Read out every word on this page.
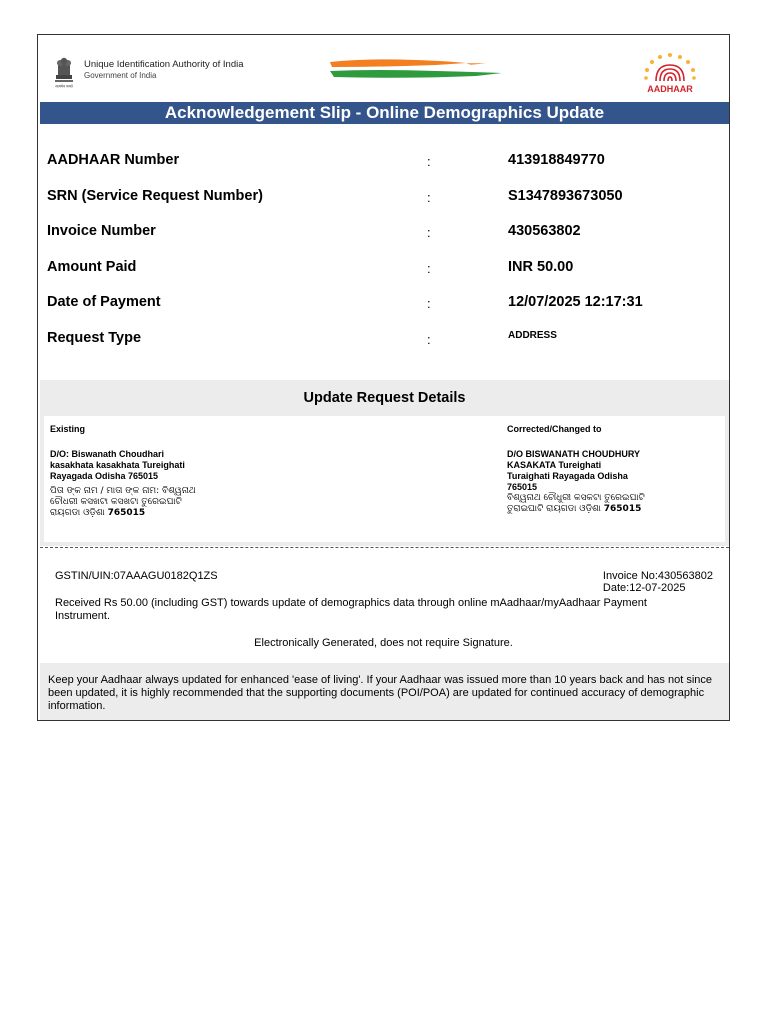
सत्यमेव जयते
Unique Identification Authority of India
Government of India
AADHAAR
Acknowledgement Slip - Online Demographics Update
AADHAAR Number	:	413918849770
SRN (Service Request Number)	:	S1347893673050
Invoice Number	:	430563802
Amount Paid	:	INR 50.00
Date of Payment	:	12/07/2025 12:17:31
Request Type	:	ADDRESS
Update Request Details
Existing
D/O: Biswanath Choudhari
kasakhata kasakhata Tureighati
Rayagada Odisha 765015
ପିତା ଙ୍କ ନାମ / ମାତା ଙ୍କ ନାମ: ବିଶ୍ୱନାଥ
ଚୌଧରୀ କସଖଟା କସଖଟା ତୁରେଇଘାଟି
ରାୟଗଡା ଓଡ଼ିଶା 765015
Corrected/Changed to
D/O BISWANATH CHOUDHURY
KASAKATA Tureighati
Turaighati Rayagada Odisha
765015
ବିଶ୍ୱନାଥ ଚୌଧୁରୀ କସକଟା ତୁରେଇଘାଟି
ତୁରାଇଘାଟି ରାୟଗଡା ଓଡ଼ିଶା 765015
GSTIN/UIN:07AAAGU0182Q1ZS	Invoice No:430563802
Date:12-07-2025
Received Rs 50.00 (including GST) towards update of demographics data through online mAadhaar/myAadhaar Payment Instrument.
Electronically Generated, does not require Signature.
Keep your Aadhaar always updated for enhanced 'ease of living'. If your Aadhaar was issued more than 10 years back and has not since been updated, it is highly recommended that the supporting documents (POI/POA) are updated for continued accuracy of demographic information.
